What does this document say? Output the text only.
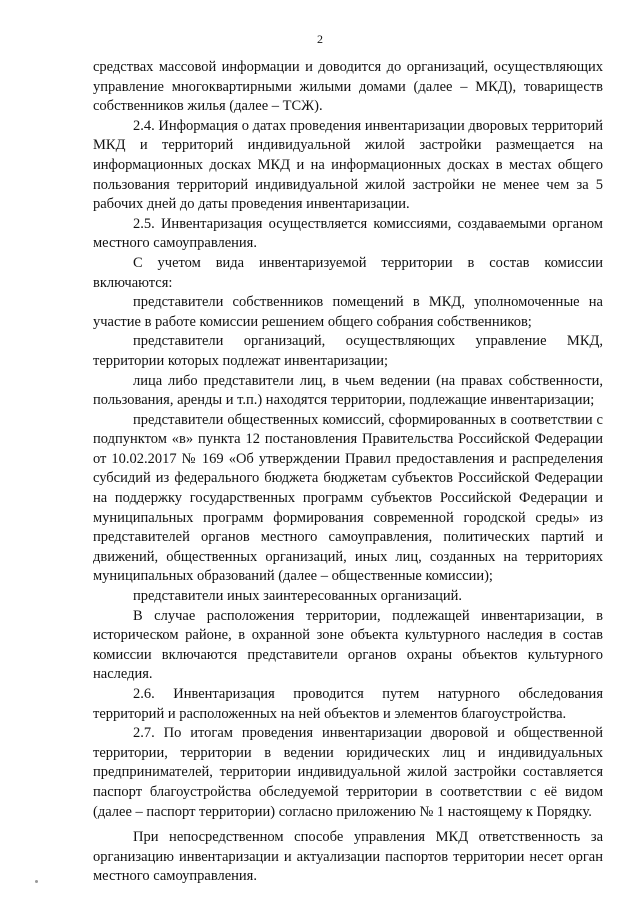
2

средствах массовой информации и доводится до организаций, осуществляющих управление многоквартирными жилыми домами (далее – МКД), товариществ собственников жилья (далее – ТСЖ).

2.4. Информация о датах проведения инвентаризации дворовых территорий МКД и территорий индивидуальной жилой застройки размещается на информационных досках МКД и на информационных досках в местах общего пользования территорий индивидуальной жилой застройки не менее чем за 5 рабочих дней до даты проведения инвентаризации.

2.5. Инвентаризация осуществляется комиссиями, создаваемыми органом местного самоуправления.

С учетом вида инвентаризуемой территории в состав комиссии включаются:

представители собственников помещений в МКД, уполномоченные на участие в работе комиссии решением общего собрания собственников;

представители организаций, осуществляющих управление МКД, территории которых подлежат инвентаризации;

лица либо представители лиц, в чьем ведении (на правах собственности, пользования, аренды и т.п.) находятся территории, подлежащие инвентаризации;

представители общественных комиссий, сформированных в соответствии с подпунктом «в» пункта 12 постановления Правительства Российской Федерации от 10.02.2017 № 169 «Об утверждении Правил предоставления и распределения субсидий из федерального бюджета бюджетам субъектов Российской Федерации на поддержку государственных программ субъектов Российской Федерации и муниципальных программ формирования современной городской среды» из представителей органов местного самоуправления, политических партий и движений, общественных организаций, иных лиц, созданных на территориях муниципальных образований (далее – общественные комиссии);

представители иных заинтересованных организаций.

В случае расположения территории, подлежащей инвентаризации, в историческом районе, в охранной зоне объекта культурного наследия в состав комиссии включаются представители органов охраны объектов культурного наследия.

2.6. Инвентаризация проводится путем натурного обследования территорий и расположенных на ней объектов и элементов благоустройства.

2.7. По итогам проведения инвентаризации дворовой и общественной территории, территории в ведении юридических лиц и индивидуальных предпринимателей, территории индивидуальной жилой застройки составляется паспорт благоустройства обследуемой территории в соответствии с её видом (далее – паспорт территории) согласно приложению № 1 настоящему к Порядку.

При непосредственном способе управления МКД ответственность за организацию инвентаризации и актуализации паспортов территории несет орган местного самоуправления.
